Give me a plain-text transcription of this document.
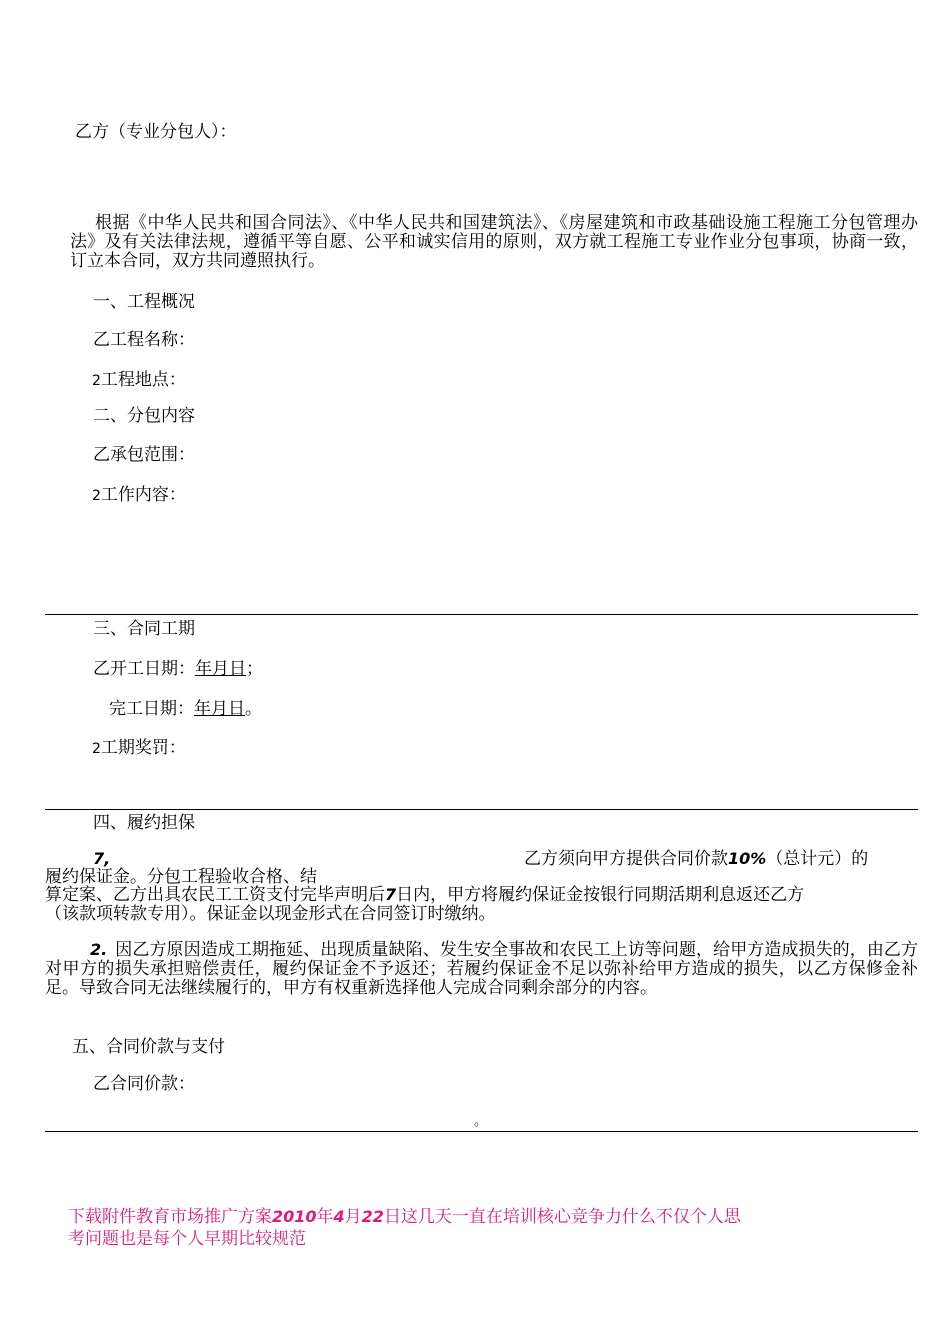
乙方（专业分包人）：
根据《中华人民共和国合同法》、《中华人民共和国建筑法》、《房屋建筑和市政基础设施工程施工分包管理办法》及有关法律法规，遵循平等自愿、公平和诚实信用的原则，双方就工程施工专业作业分包事项，协商一致，订立本合同，双方共同遵照执行。
一、工程概况
乙工程名称：
2工程地点：
二、分包内容
乙承包范围：
2工作内容：
三、合同工期
乙开工日期：年月日；
完工日期：年月日。
2工期奖罚：
四、履约担保
7,	乙方须向甲方提供合同价款10%（总计元）的
履约保证金。分包工程验收合格、结
算定案、乙方出具农民工工资支付完毕声明后7日内，甲方将履约保证金按银行同期活期利息返还乙方
（该款项转款专用）。保证金以现金形式在合同签订时缴纳。
2. 因乙方原因造成工期拖延、出现质量缺陷、发生安全事故和农民工上访等问题，给甲方造成损失的，由乙方对甲方的损失承担赔偿责任，履约保证金不予返还；若履约保证金不足以弥补给甲方造成的损失，以乙方保修金补足。导致合同无法继续履行的，甲方有权重新选择他人完成合同剩余部分的内容。
五、合同价款与支付
乙合同价款：
。
下载附件教育市场推广方案2010年4月22日这几天一直在培训核心竞争力什么不仅个人思
考问题也是每个人早期比较规范
